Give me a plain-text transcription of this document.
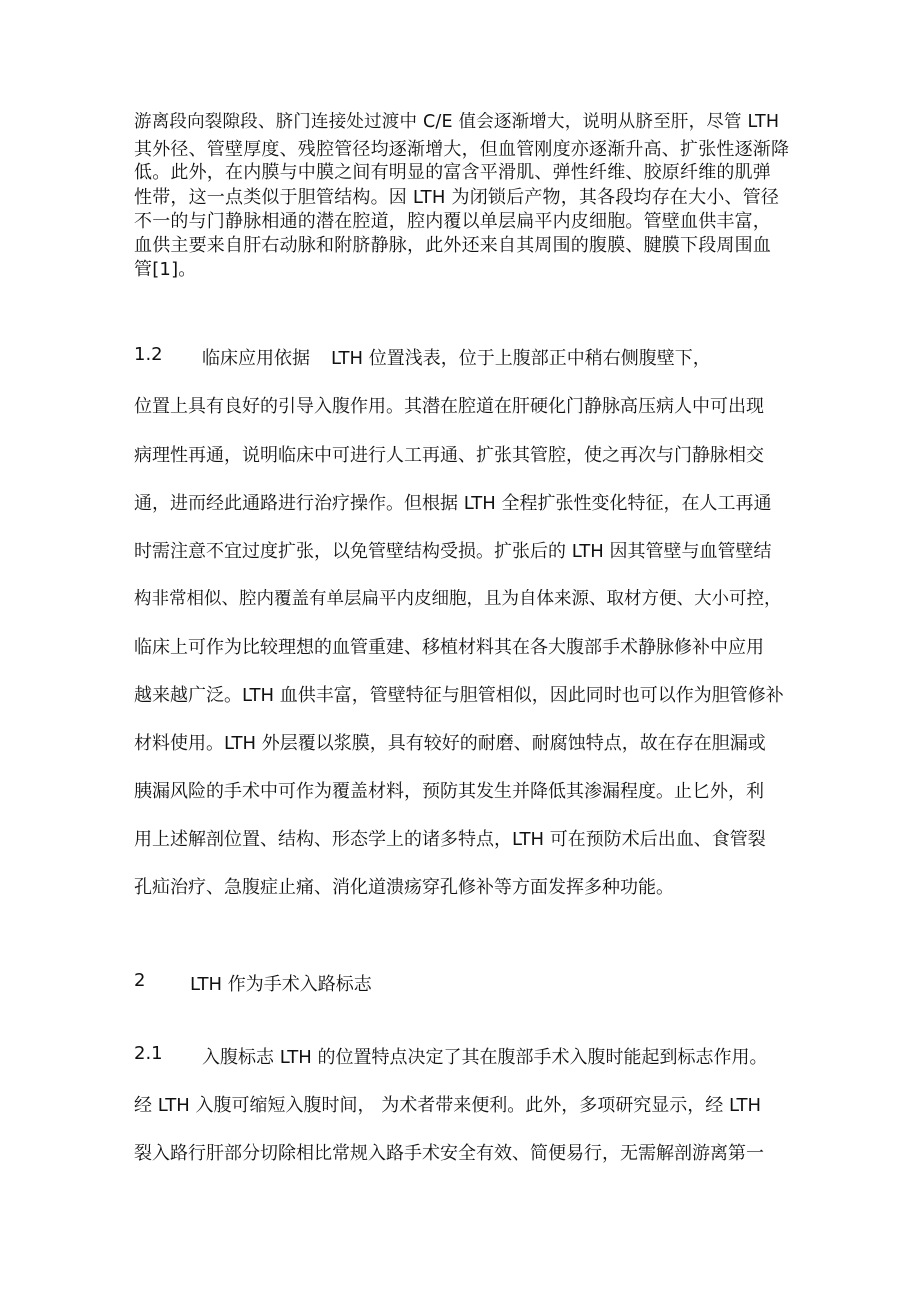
游离段向裂隙段、脐门连接处过渡中 C/E 值会逐渐增大，说明从脐至肝，尽管 LTH
其外径、管壁厚度、残腔管径均逐渐增大，但血管刚度亦逐渐升高、扩张性逐渐降
低。此外，在内膜与中膜之间有明显的富含平滑肌、弹性纤维、胶原纤维的肌弹
性带，这一点类似于胆管结构。因 LTH 为闭锁后产物，其各段均存在大小、管径
不一的与门静脉相通的潜在腔道，腔内覆以单层扁平内皮细胞。管壁血供丰富，
血供主要来自肝右动脉和附脐静脉，此外还来自其周围的腹膜、腱膜下段周围血
管[1]。
1.2 临床应用依据 LTH 位置浅表，位于上腹部正中稍右侧腹壁下，
位置上具有良好的引导入腹作用。其潜在腔道在肝硬化门静脉高压病人中可出现
病理性再通，说明临床中可进行人工再通、扩张其管腔，使之再次与门静脉相交
通，进而经此通路进行治疗操作。但根据 LTH 全程扩张性变化特征，在人工再通
时需注意不宜过度扩张，以免管壁结构受损。扩张后的 LTH 因其管壁与血管壁结
构非常相似、腔内覆盖有单层扁平内皮细胞，且为自体来源、取材方便、大小可控，
临床上可作为比较理想的血管重建、移植材料其在各大腹部手术静脉修补中应用
越来越广泛。LTH 血供丰富，管壁特征与胆管相似，因此同时也可以作为胆管修补
材料使用。LTH 外层覆以浆膜，具有较好的耐磨、耐腐蚀特点，故在存在胆漏或
胰漏风险的手术中可作为覆盖材料，预防其发生并降低其渗漏程度。止匕外，利
用上述解剖位置、结构、形态学上的诸多特点，LTH 可在预防术后出血、食管裂
孔疝治疗、急腹症止痛、消化道溃疡穿孔修补等方面发挥多种功能。
2 LTH 作为手术入路标志
2.1 入腹标志 LTH 的位置特点决定了其在腹部手术入腹时能起到标志作用。
经 LTH 入腹可缩短入腹时间， 为术者带来便利。此外，多项研究显示，经 LTH
裂入路行肝部分切除相比常规入路手术安全有效、简便易行，无需解剖游离第一
